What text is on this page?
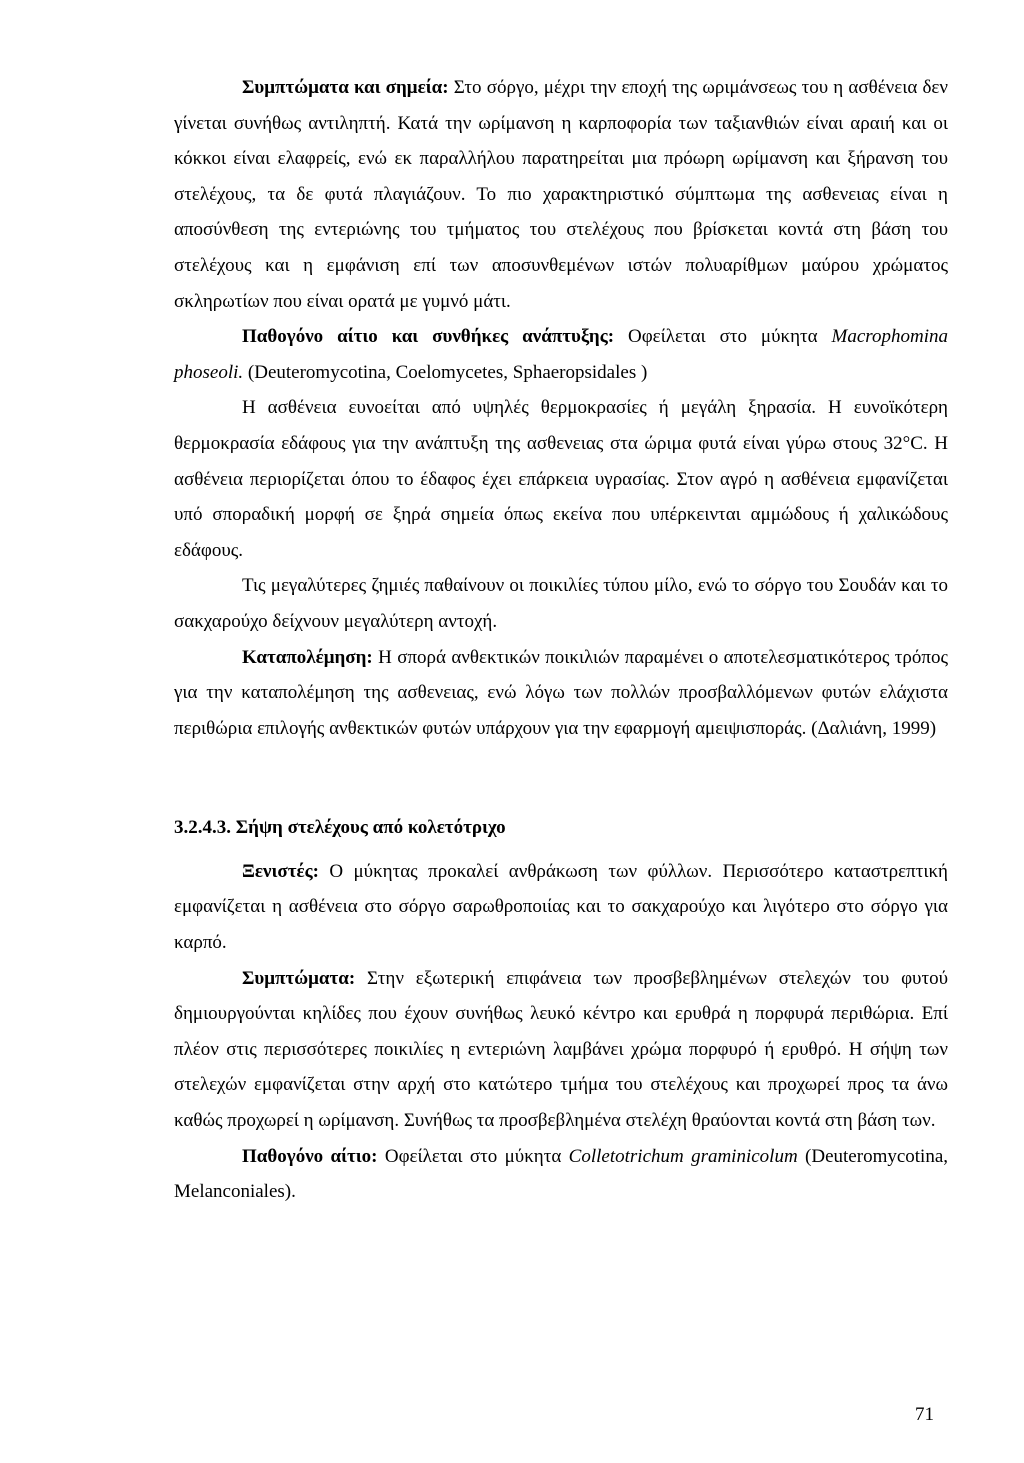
Συμπτώματα και σημεία: Στο σόργο, μέχρι την εποχή της ωριμάνσεως του η ασθένεια δεν γίνεται συνήθως αντιληπτή. Κατά την ωρίμανση η καρποφορία των ταξιανθιών είναι αραιή και οι κόκκοι είναι ελαφρείς, ενώ εκ παραλλήλου παρατηρείται μια πρόωρη ωρίμανση και ξήρανση του στελέχους, τα δε φυτά πλαγιάζουν. Το πιο χαρακτηριστικό σύμπτωμα της ασθενειας είναι η αποσύνθεση της εντεριώνης του τμήματος του στελέχους που βρίσκεται κοντά στη βάση του στελέχους και η εμφάνιση επί των αποσυνθεμένων ιστών πολυαρίθμων μαύρου χρώματος σκληρωτίων που είναι ορατά με γυμνό μάτι.

Παθογόνο αίτιο και συνθήκες ανάπτυξης: Οφείλεται στο μύκητα Macrophomina phoseoli. (Deuteromycotina, Coelomycetes, Sphaeropsidales )

Η ασθένεια ευνοείται από υψηλές θερμοκρασίες ή μεγάλη ξηρασία. Η ευνοϊκότερη θερμοκρασία εδάφους για την ανάπτυξη της ασθενειας στα ώριμα φυτά είναι γύρω στους 32°C. Η ασθένεια περιορίζεται όπου το έδαφος έχει επάρκεια υγρασίας. Στον αγρό η ασθένεια εμφανίζεται υπό σποραδική μορφή σε ξηρά σημεία όπως εκείνα που υπέρκεινται αμμώδους ή χαλικώδους εδάφους.

Τις μεγαλύτερες ζημιές παθαίνουν οι ποικιλίες τύπου μίλο, ενώ το σόργο του Σουδάν και το σακχαρούχο δείχνουν μεγαλύτερη αντοχή.

Καταπολέμηση: Η σπορά ανθεκτικών ποικιλιών παραμένει ο αποτελεσματικότερος τρόπος για την καταπολέμηση της ασθενειας, ενώ λόγω των πολλών προσβαλλόμενων φυτών ελάχιστα περιθώρια επιλογής ανθεκτικών φυτών υπάρχουν για την εφαρμογή αμειψισποράς. (Δαλιάνη, 1999)

3.2.4.3. Σήψη στελέχους από κολετότριχο

Ξενιστές: Ο μύκητας προκαλεί ανθράκωση των φύλλων. Περισσότερο καταστρεπτική εμφανίζεται η ασθένεια στο σόργο σαρωθροποιίας και το σακχαρούχο και λιγότερο στο σόργο για καρπό.

Συμπτώματα: Στην εξωτερική επιφάνεια των προσβεβλημένων στελεχών του φυτού δημιουργούνται κηλίδες που έχουν συνήθως λευκό κέντρο και ερυθρά η πορφυρά περιθώρια. Επί πλέον στις περισσότερες ποικιλίες η εντεριώνη λαμβάνει χρώμα πορφυρό ή ερυθρό. Η σήψη των στελεχών εμφανίζεται στην αρχή στο κατώτερο τμήμα του στελέχους και προχωρεί προς τα άνω καθώς προχωρεί η ωρίμανση. Συνήθως τα προσβεβλημένα στελέχη θραύονται κοντά στη βάση των.

Παθογόνο αίτιο: Οφείλεται στο μύκητα Colletotrichum graminicolum (Deuteromycotina, Melanconiales).

71
